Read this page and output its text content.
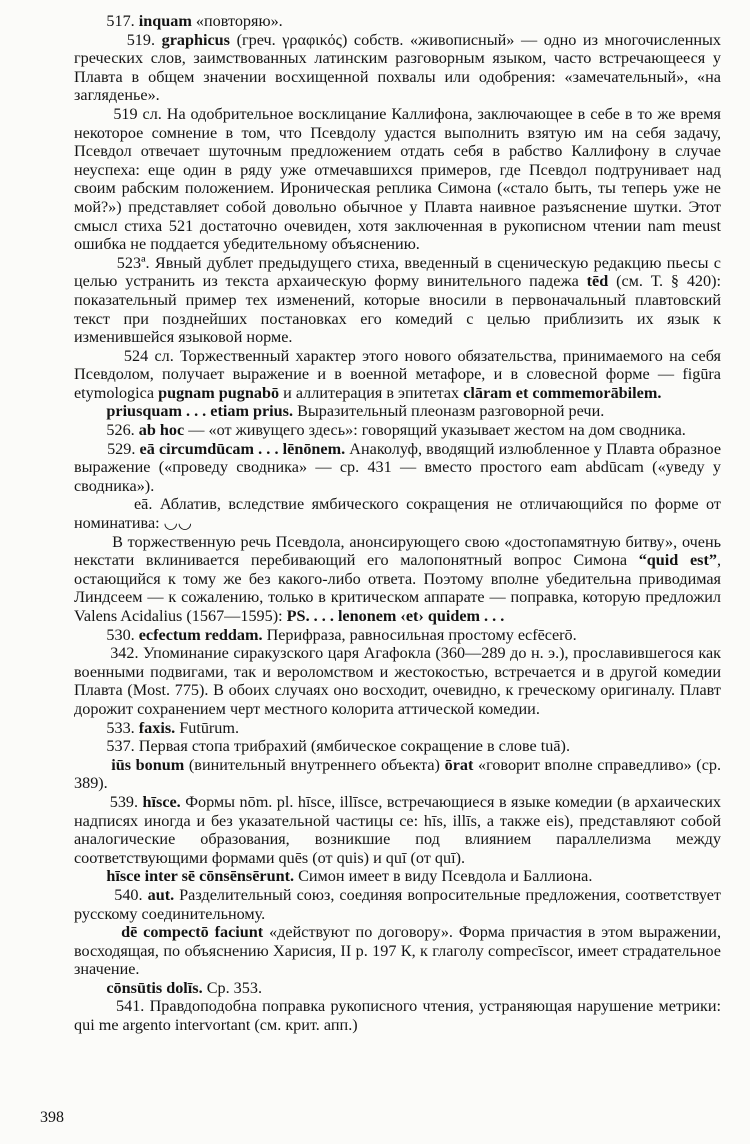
517. inquam «повторяю».

519. graphicus (греч. γραφικός) собств. «живописный» — одно из многочисленных греческих слов, заимствованных латинским разговорным языком, часто встречающееся у Плавта в общем значении восхищенной похвалы или одобрения: «замечательный», «на загляденье».

519 сл. На одобрительное восклицание Каллифона, заключающее в себе в то же время некоторое сомнение в том, что Псевдолу удастся выполнить взятую им на себя задачу, Псевдол отвечает шуточным предложением отдать себя в рабство Каллифону в случае неуспеха: еще один в ряду уже отмечавшихся примеров, где Псевдол подтрунивает над своим рабским положением. Ироническая реплика Симона («стало быть, ты теперь уже не мой?») представляет собой довольно обычное у Плавта наивное разъяснение шутки. Этот смысл стиха 521 достаточно очевиден, хотя заключенная в рукописном чтении nam meust ошибка не поддается убедительному объяснению.

523ª. Явный дублет предыдущего стиха, введенный в сценическую редакцию пьесы с целью устранить из текста архаическую форму винительного падежа tēd (см. Т. § 420): показательный пример тех изменений, которые вносили в первоначальный плавтовский текст при позднейших постановках его комедий с целью приблизить их язык к изменившейся языковой норме.

524 сл. Торжественный характер этого нового обязательства, принимаемого на себя Псевдолом, получает выражение и в военной метафоре, и в словесной форме — figūra etymologica pugnam pugnabō и аллитерация в эпитетах clāram et commemorābilem.

priusquam . . . etiam prius. Выразительный плеоназм разговорной речи.

526. ab hoc — «от живущего здесь»: говорящий указывает жестом на дом сводника.

529. eā circumdūcam . . . lēnōnem. Анаколуф, вводящий излюбленное у Плавта образное выражение («проведу сводника» — ср. 431 — вместо простого eam abdūcam («уведу у сводника»).

eā. Аблатив, вследствие ямбического сокращения не отличающийся по форме от номинатива: ◡◡

В торжественную речь Псевдола, анонсирующего свою «достопамятную битву», очень некстати вклинивается перебивающий его малопонятный вопрос Симона “quid est”, остающийся к тому же без какого-либо ответа. Поэтому вполне убедительна приводимая Линдсеем — к сожалению, только в критическом аппарате — поправка, которую предложил Valens Acidalius (1567—1595): PS. . . . lenonem ‹et› quidem . . .

530. ecfectum reddam. Перифраза, равносильная простому ecfēcerō.

342. Упоминание сиракузского царя Агафокла (360—289 до н. э.), прославившегося как военными подвигами, так и вероломством и жестокостью, встречается и в другой комедии Плавта (Most. 775). В обоих случаях оно восходит, очевидно, к греческому оригиналу. Плавт дорожит сохранением черт местного колорита аттической комедии.

533. faxis. Futūrum.

537. Первая стопа трибрахий (ямбическое сокращение в слове tuā).

iūs bonum (винительный внутреннего объекта) ōrat «говорит вполне справедливо» (ср. 389).

539. hīsce. Формы nōm. pl. hīsce, illīsce, встречающиеся в языке комедии (в архаических надписях иногда и без указательной частицы ce: hīs, illīs, а также eis), представляют собой аналогические образования, возникшие под влиянием параллелизма между соответствующими формами quēs (от quis) и quī (от quī).

hīsce inter sē cōnsēnsērunt. Симон имеет в виду Псевдола и Баллиона.

540. aut. Разделительный союз, соединяя вопросительные предложения, соответствует русскому соединительному.

dē compectō faciunt «действуют по договору». Форма причастия в этом выражении, восходящая, по объяснению Харисия, II р. 197 К, к глаголу compecīscor, имеет страдательное значение.

cōnsūtis dolīs. Ср. 353.

541. Правдоподобна поправка рукописного чтения, устраняющая нарушение метрики: qui me argento intervortant (см. крит. апп.)

398
